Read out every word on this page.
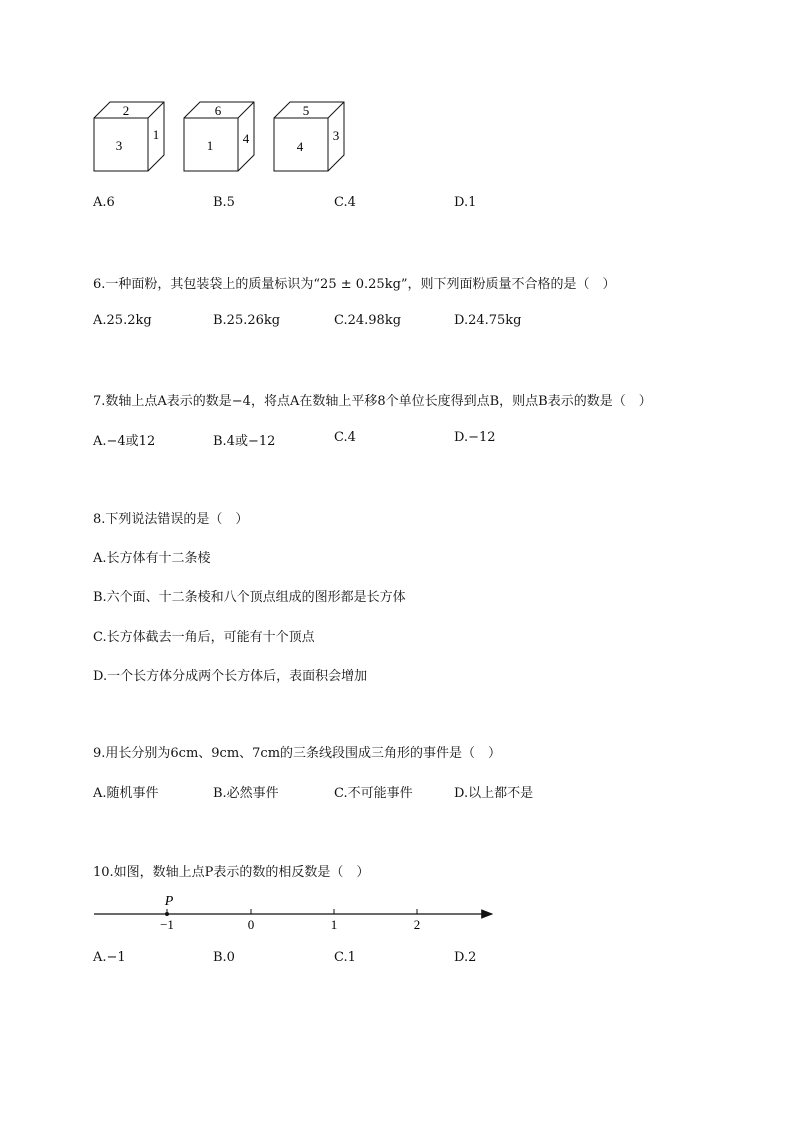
2
3
1
6
1 4
5
4
3
A.6	B.5	C.4	D.1
6.一种面粉，其包装袋上的质量标识为“25 ± 0.25kg”，则下列面粉质量不合格的是（　）
A.25.2kg	B.25.26kg	C.24.98kg	D.24.75kg
7.数轴上点A表示的数是−4，将点A在数轴上平移8个单位长度得到点B，则点B表示的数是（　）
A.−4或12	B.4或−12	C.4	D.−12
8.下列说法错误的是（　）
A.长方体有十二条棱
B.六个面、十二条棱和八个顶点组成的图形都是长方体
C.长方体截去一角后，可能有十个顶点
D.一个长方体分成两个长方体后，表面积会增加
9.用长分别为6cm、9cm、7cm的三条线段围成三角形的事件是（　）
A.随机事件	B.必然事件	C.不可能事件	D.以上都不是
10.如图，数轴上点P表示的数的相反数是（　）
P
−1	0	1	2
A.−1	B.0	C.1	D.2
